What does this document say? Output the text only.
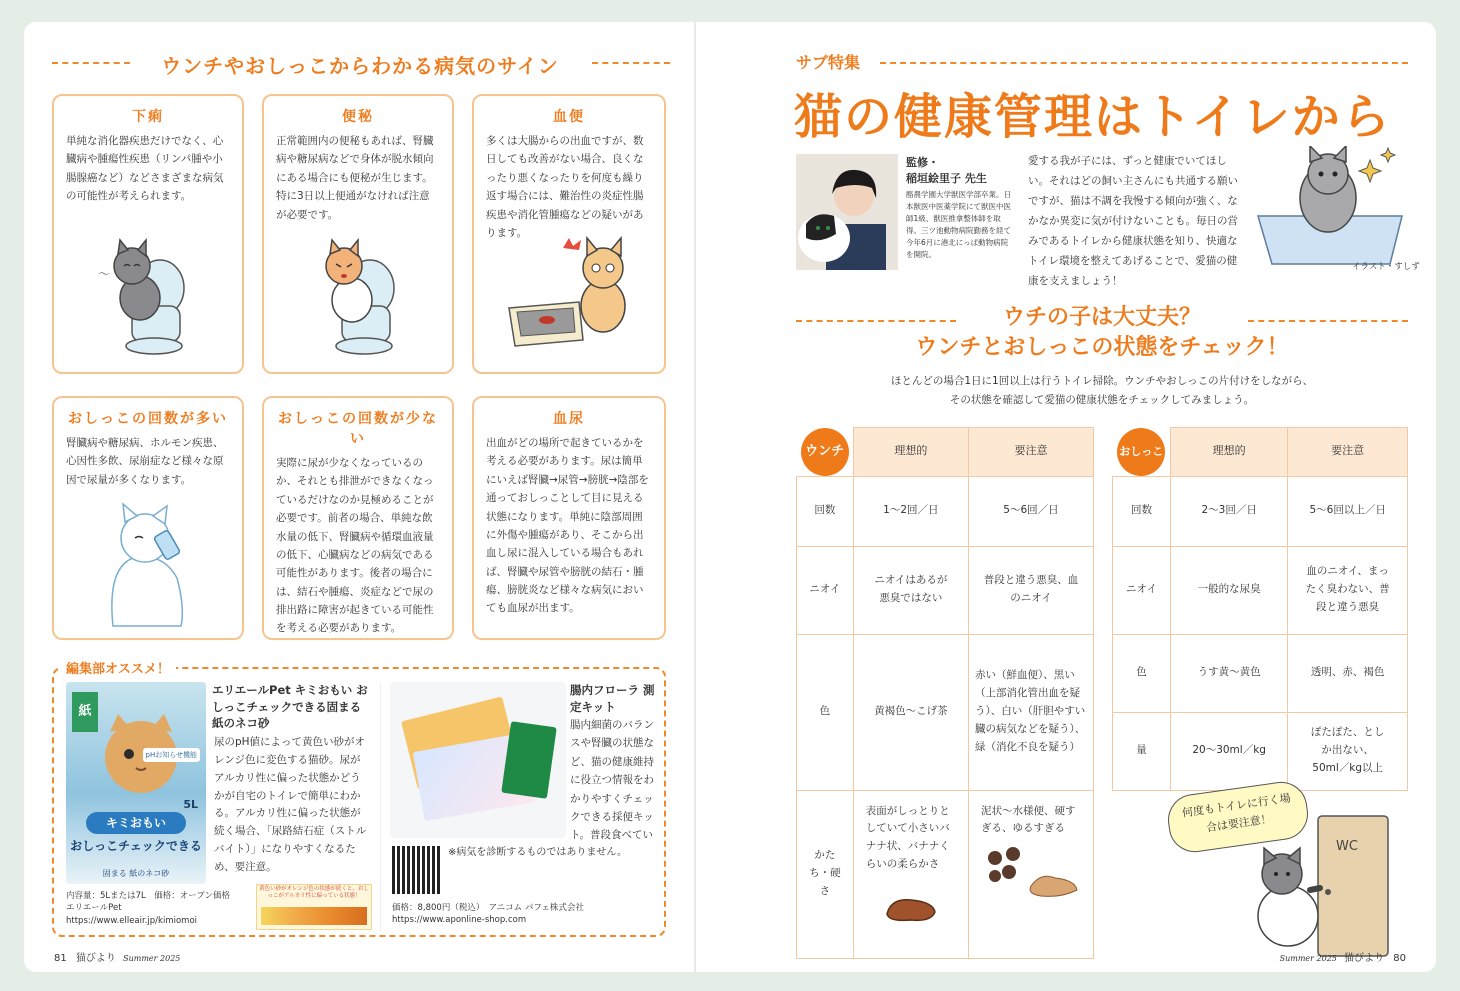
ウンチやおしっこからわかる病気のサイン
下痢

単純な消化器疾患だけでなく、心臓病や腫瘍性疾患（リンパ腫や小腸腺癌など）などさまざまな病気の可能性が考えられます。

〜
便秘

正常範囲内の便秘もあれば、腎臓病や糖尿病などで身体が脱水傾向にある場合にも便秘が生じます。特に3日以上便通がなければ注意が必要です。

血便

多くは大腸からの出血ですが、数日しても改善がない場合、良くなったり悪くなったりを何度も繰り返す場合には、難治性の炎症性腸疾患や消化管腫瘍などの疑いがあります。

おしっこの回数が多い

腎臓病や糖尿病、ホルモン疾患、心因性多飲、尿崩症など様々な原因で尿量が多くなります。

おしっこの回数が少ない

実際に尿が少なくなっているのか、それとも排泄ができなくなっているだけなのか見極めることが必要です。前者の場合、単純な飲水量の低下、腎臓病や循環血液量の低下、心臓病などの病気である可能性があります。後者の場合には、結石や腫瘍、炎症などで尿の排出路に障害が起きている可能性を考える必要があります。

血尿

出血がどの場所で起きているかを考える必要があります。尿は簡単にいえば腎臓→尿管→膀胱→陰部を通っておしっことして目に見える状態になります。単純に陰部周囲に外傷や腫瘍があり、そこから出血し尿に混入している場合もあれば、腎臓や尿管や膀胱の結石・腫瘍、膀胱炎など様々な病気においても血尿が出ます。

編集部オススメ！
紙
pHお知らせ機能
5L
キミおもい
おしっこチェックできる
固まる 紙のネコ砂
エリエールPet キミおもい おしっこチェックできる固まる紙のネコ砂
尿のpH値によって黄色い砂がオレンジ色に変色する猫砂。尿がアルカリ性に偏った状態かどうかが自宅のトイレで簡単にわかる。アルカリ性に偏った状態が続く場合、「尿路結石症（ストルバイト）」になりやすくなるため、要注意。
内容量：5Lまたは7L　価格：オープン価格
エリエールPet
https://www.elleair.jp/kimiomoi
黄色い砂がオレンジ色の状態が続くと、おしっこがアルカリ性に偏っている状態！
腸内フローラ 測定キット
腸内細菌のバランスや腎臓の状態など、猫の健康維持に役立つ情報をわかりやすくチェックできる採便キット。普段食べてい
※病気を診断するものではありません。
価格：8,800円（税込）　アニコム パフェ株式会社
https://www.aponline-shop.com
81 猫びより Summer 2025
サブ特集
猫の健康管理はトイレから
監修・
稲垣絵里子 先生
酪農学園大学獣医学部卒業。日本獣医中医薬学院にて獣医中医師1級、獣医推拿整体師を取得。三ツ池動物病院勤務を経て今年6月に港北にっぱ動物病院を開院。
愛する我が子には、ずっと健康でいてほしい。それはどの飼い主さんにも共通する願いですが、猫は不調を我慢する傾向が強く、なかなか異変に気が付けないことも。毎日の営みであるトイレから健康状態を知り、快適なトイレ環境を整えてあげることで、愛猫の健康を支えましょう！
イラスト・すしず
ウチの子は大丈夫？
ウンチとおしっこの状態をチェック！
ほとんどの場合1日に1回以上は行うトイレ掃除。ウンチやおしっこの片付けをしながら、
その状態を確認して愛猫の健康状態をチェックしてみましょう。
ウンチ	理想的	要注意
回数	1〜2回／日	5〜6回／日
ニオイ	ニオイはあるが悪臭ではない	普段と違う悪臭、血のニオイ
色	黄褐色〜こげ茶	赤い（鮮血便）、黒い（上部消化管出血を疑う）、白い（肝胆やすい臓の病気などを疑う）、緑（消化不良を疑う）
かたち・硬さ	表面がしっとりとしていて小さいバナナ状、バナナくらいの柔らかさ	泥状〜水様便、硬すぎる、ゆるすぎる
おしっこ	理想的	要注意
回数	2〜3回／日	5〜6回以上／日
ニオイ	一般的な尿臭	血のニオイ、まったく臭わない、普段と違う悪臭
色	うす黄〜黄色	透明、赤、褐色
量	20〜30ml／kg	ぽたぽた、としか出ない、50ml／kg以上
何度もトイレに行く場合は要注意！
WC
Summer 2025 猫びより 80
